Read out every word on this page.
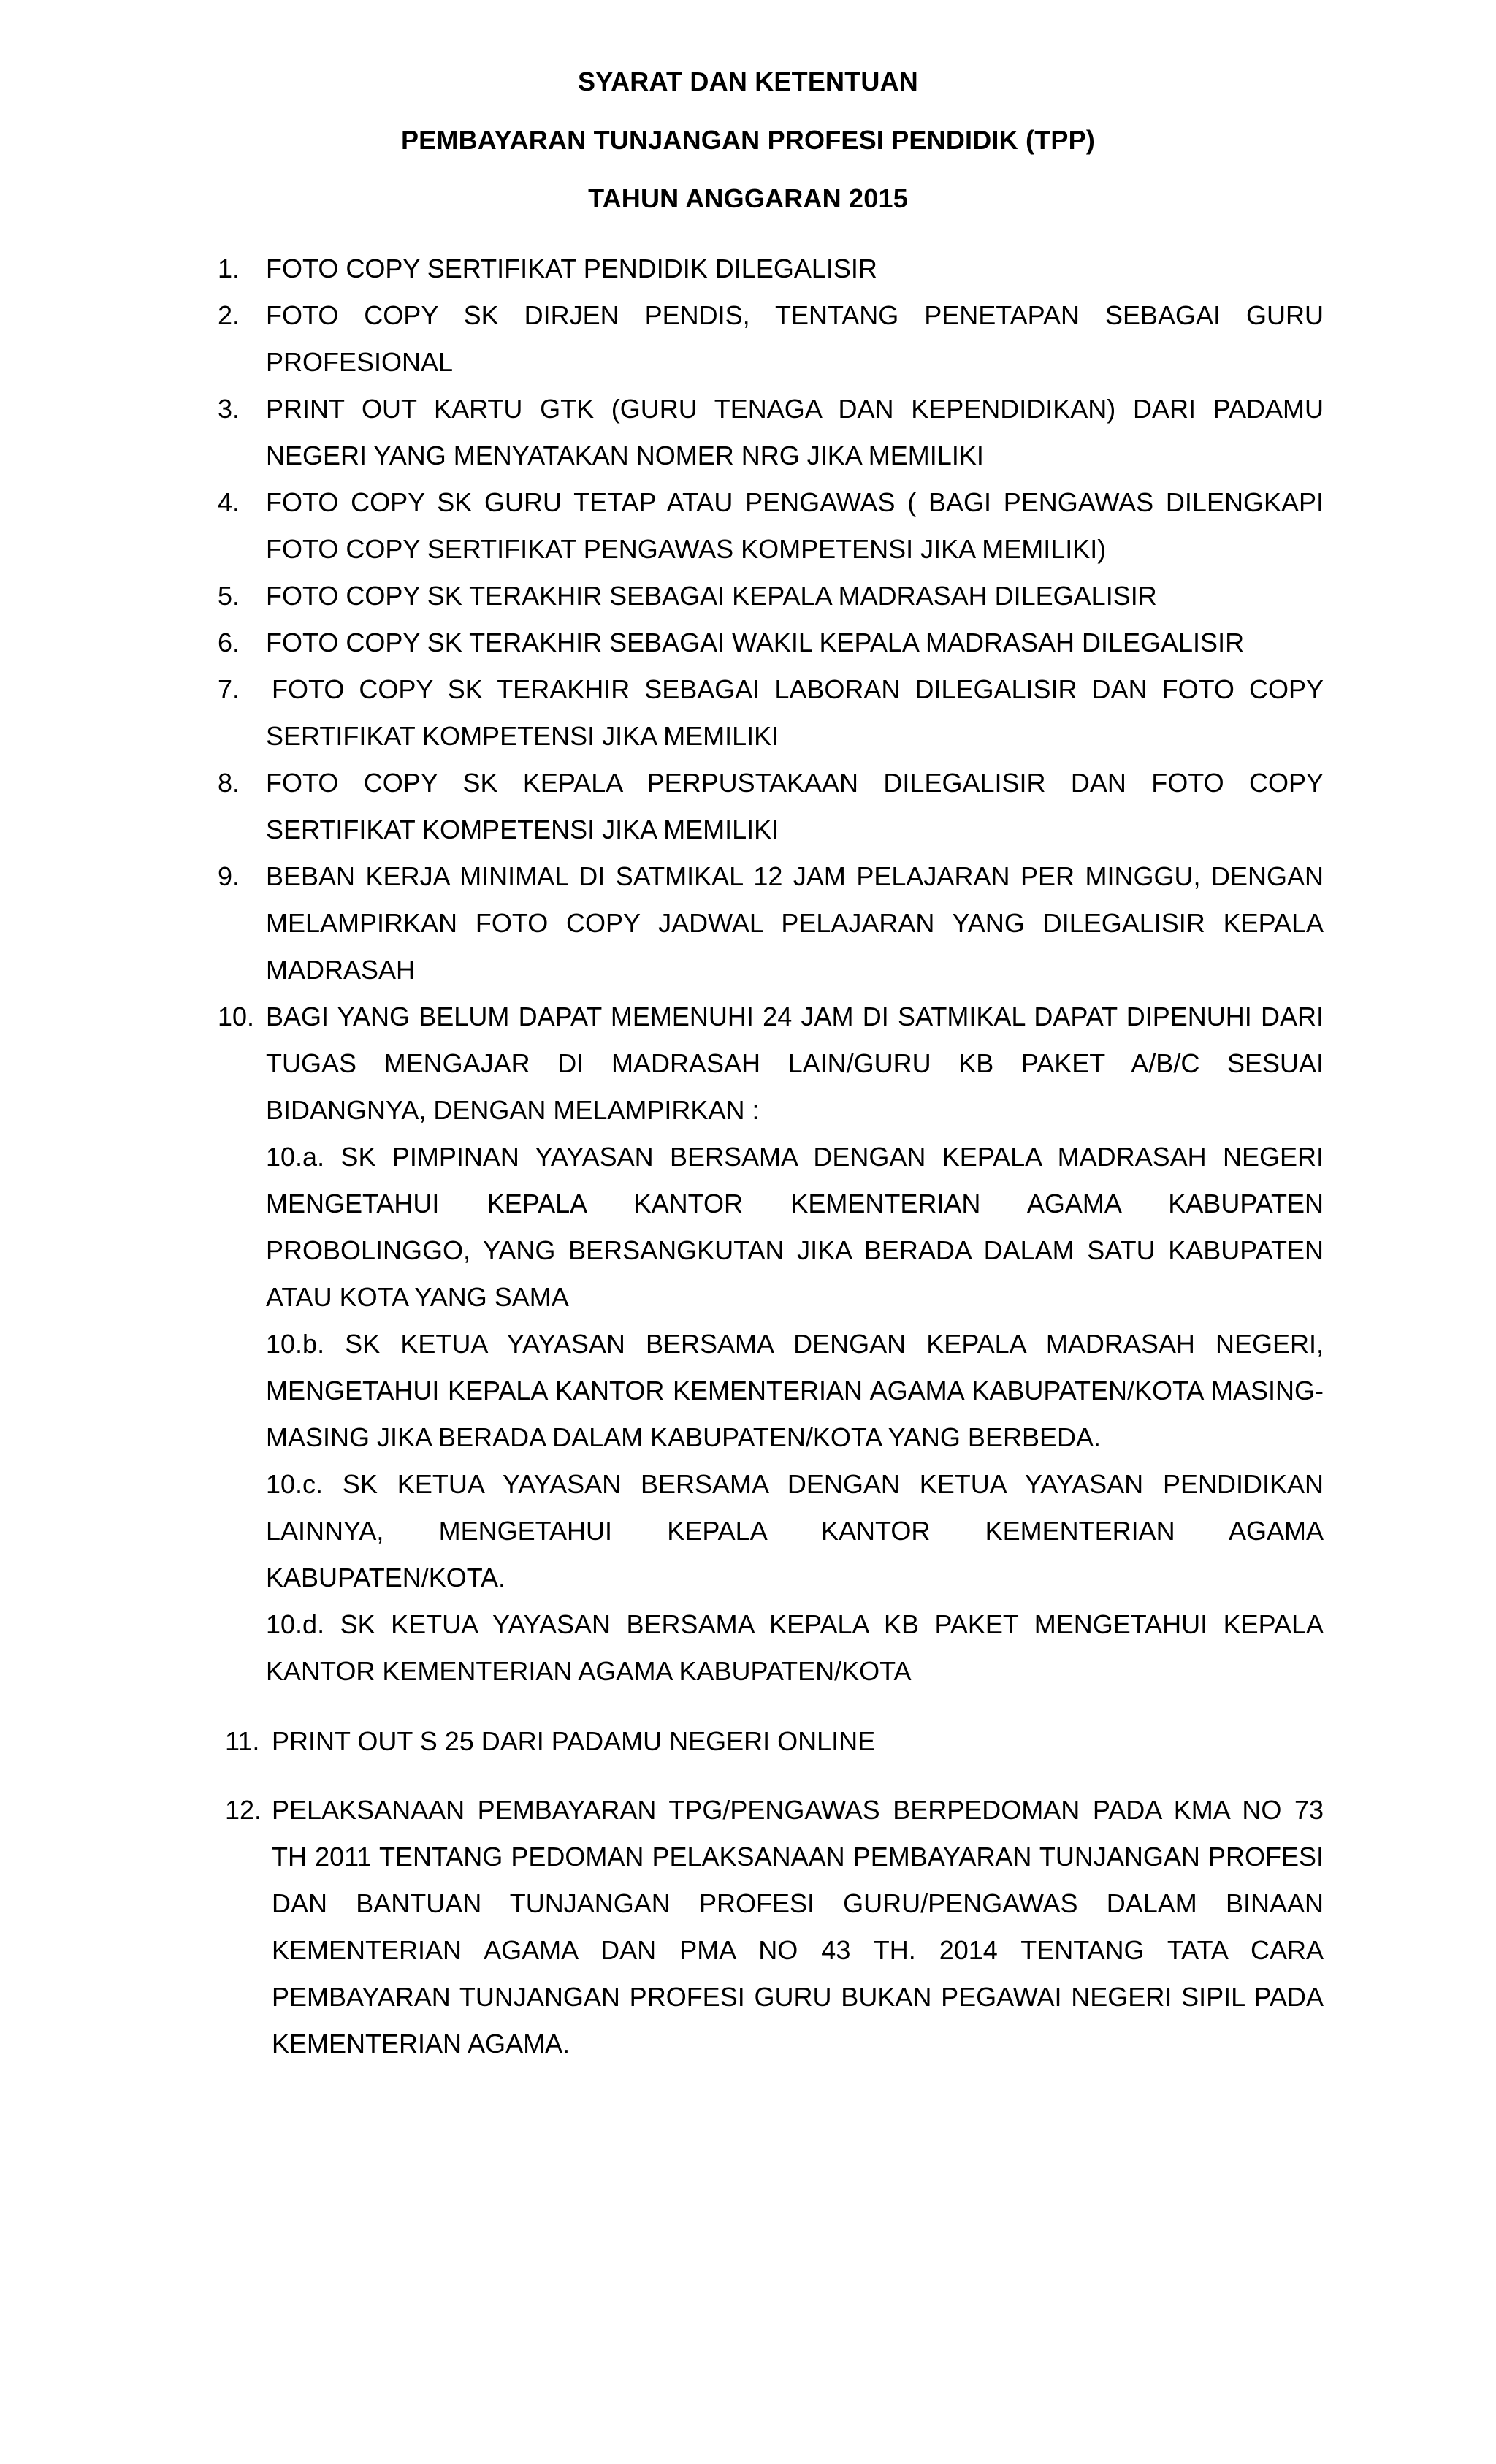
SYARAT DAN KETENTUAN
PEMBAYARAN TUNJANGAN PROFESI PENDIDIK (TPP)
TAHUN ANGGARAN 2015
1. FOTO COPY SERTIFIKAT PENDIDIK DILEGALISIR
2. FOTO COPY SK DIRJEN PENDIS, TENTANG PENETAPAN SEBAGAI GURU PROFESIONAL
3. PRINT OUT KARTU GTK (GURU TENAGA DAN KEPENDIDIKAN) DARI PADAMU NEGERI YANG MENYATAKAN NOMER NRG JIKA MEMILIKI
4. FOTO COPY SK GURU TETAP ATAU PENGAWAS ( BAGI PENGAWAS DILENGKAPI FOTO COPY SERTIFIKAT PENGAWAS KOMPETENSI JIKA MEMILIKI)
5. FOTO COPY SK TERAKHIR SEBAGAI KEPALA MADRASAH DILEGALISIR
6. FOTO COPY SK TERAKHIR SEBAGAI WAKIL KEPALA MADRASAH DILEGALISIR
7. FOTO COPY SK TERAKHIR SEBAGAI LABORAN DILEGALISIR DAN FOTO COPY SERTIFIKAT KOMPETENSI JIKA MEMILIKI
8. FOTO COPY SK KEPALA PERPUSTAKAAN DILEGALISIR DAN FOTO COPY SERTIFIKAT KOMPETENSI JIKA MEMILIKI
9. BEBAN KERJA MINIMAL DI SATMIKAL 12 JAM PELAJARAN PER MINGGU, DENGAN MELAMPIRKAN FOTO COPY JADWAL PELAJARAN YANG DILEGALISIR KEPALA MADRASAH
10. BAGI YANG BELUM DAPAT MEMENUHI 24 JAM DI SATMIKAL DAPAT DIPENUHI DARI TUGAS MENGAJAR DI MADRASAH LAIN/GURU KB PAKET A/B/C SESUAI BIDANGNYA, DENGAN MELAMPIRKAN :
10.a. SK PIMPINAN YAYASAN BERSAMA DENGAN KEPALA MADRASAH NEGERI MENGETAHUI KEPALA KANTOR KEMENTERIAN AGAMA KABUPATEN PROBOLINGGO, YANG BERSANGKUTAN JIKA BERADA DALAM SATU KABUPATEN ATAU KOTA YANG SAMA
10.b. SK KETUA YAYASAN BERSAMA DENGAN KEPALA MADRASAH NEGERI, MENGETAHUI KEPALA KANTOR KEMENTERIAN AGAMA KABUPATEN/KOTA MASING-MASING JIKA BERADA DALAM KABUPATEN/KOTA YANG BERBEDA.
10.c. SK KETUA YAYASAN BERSAMA DENGAN KETUA YAYASAN PENDIDIKAN LAINNYA, MENGETAHUI KEPALA KANTOR KEMENTERIAN AGAMA KABUPATEN/KOTA.
10.d. SK KETUA YAYASAN BERSAMA KEPALA KB PAKET MENGETAHUI KEPALA KANTOR KEMENTERIAN AGAMA KABUPATEN/KOTA
11. PRINT OUT S 25 DARI PADAMU NEGERI ONLINE
12. PELAKSANAAN PEMBAYARAN TPG/PENGAWAS BERPEDOMAN PADA KMA NO 73 TH 2011 TENTANG PEDOMAN PELAKSANAAN PEMBAYARAN TUNJANGAN PROFESI DAN BANTUAN TUNJANGAN PROFESI GURU/PENGAWAS DALAM BINAAN KEMENTERIAN AGAMA DAN PMA NO 43 TH. 2014 TENTANG TATA CARA PEMBAYARAN TUNJANGAN PROFESI GURU BUKAN PEGAWAI NEGERI SIPIL PADA KEMENTERIAN AGAMA.
